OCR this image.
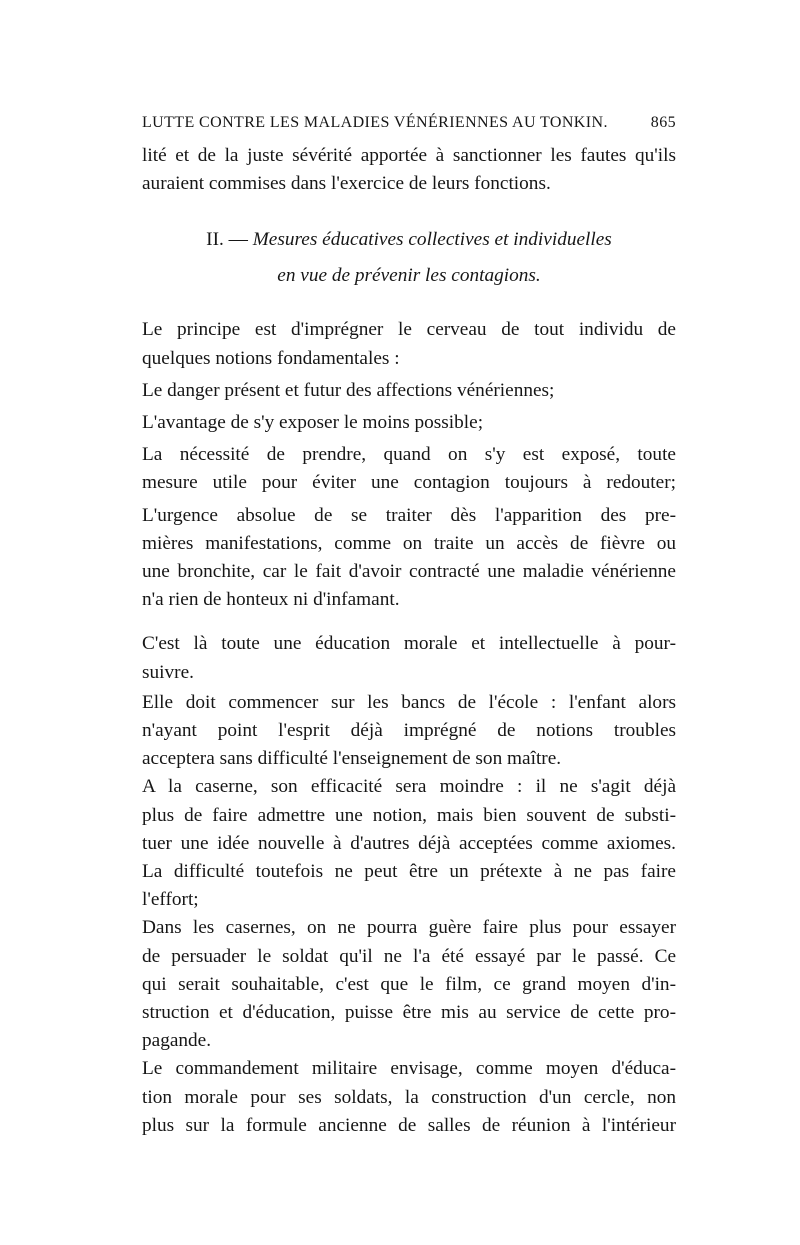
LUTTE CONTRE LES MALADIES VÉNÉRIENNES AU TONKIN.	865
lité et de la juste sévérité apportée à sanctionner les fautes qu'ils
auraient commises dans l'exercice de leurs fonctions.
II. — Mesures éducatives collectives et individuelles
en vue de prévenir les contagions.

Le principe est d'imprégner le cerveau de tout individu de
quelques notions fondamentales :

Le danger présent et futur des affections vénériennes;

L'avantage de s'y exposer le moins possible;

La nécessité de prendre, quand on s'y est exposé, toute
mesure utile pour éviter une contagion toujours à redouter;

L'urgence absolue de se traiter dès l'apparition des pre-
mières manifestations, comme on traite un accès de fièvre ou
une bronchite, car le fait d'avoir contracté une maladie vénérienne
n'a rien de honteux ni d'infamant.

C'est là toute une éducation morale et intellectuelle à pour-
suivre.

Elle doit commencer sur les bancs de l'école : l'enfant alors
n'ayant point l'esprit déjà imprégné de notions troubles
acceptera sans difficulté l'enseignement de son maître.

A la caserne, son efficacité sera moindre : il ne s'agit déjà
plus de faire admettre une notion, mais bien souvent de substi-
tuer une idée nouvelle à d'autres déjà acceptées comme axiomes.

La difficulté toutefois ne peut être un prétexte à ne pas faire
l'effort;

Dans les casernes, on ne pourra guère faire plus pour essayer
de persuader le soldat qu'il ne l'a été essayé par le passé. Ce
qui serait souhaitable, c'est que le film, ce grand moyen d'in-
struction et d'éducation, puisse être mis au service de cette pro-
pagande.

Le commandement militaire envisage, comme moyen d'éduca-
tion morale pour ses soldats, la construction d'un cercle, non
plus sur la formule ancienne de salles de réunion à l'intérieur
